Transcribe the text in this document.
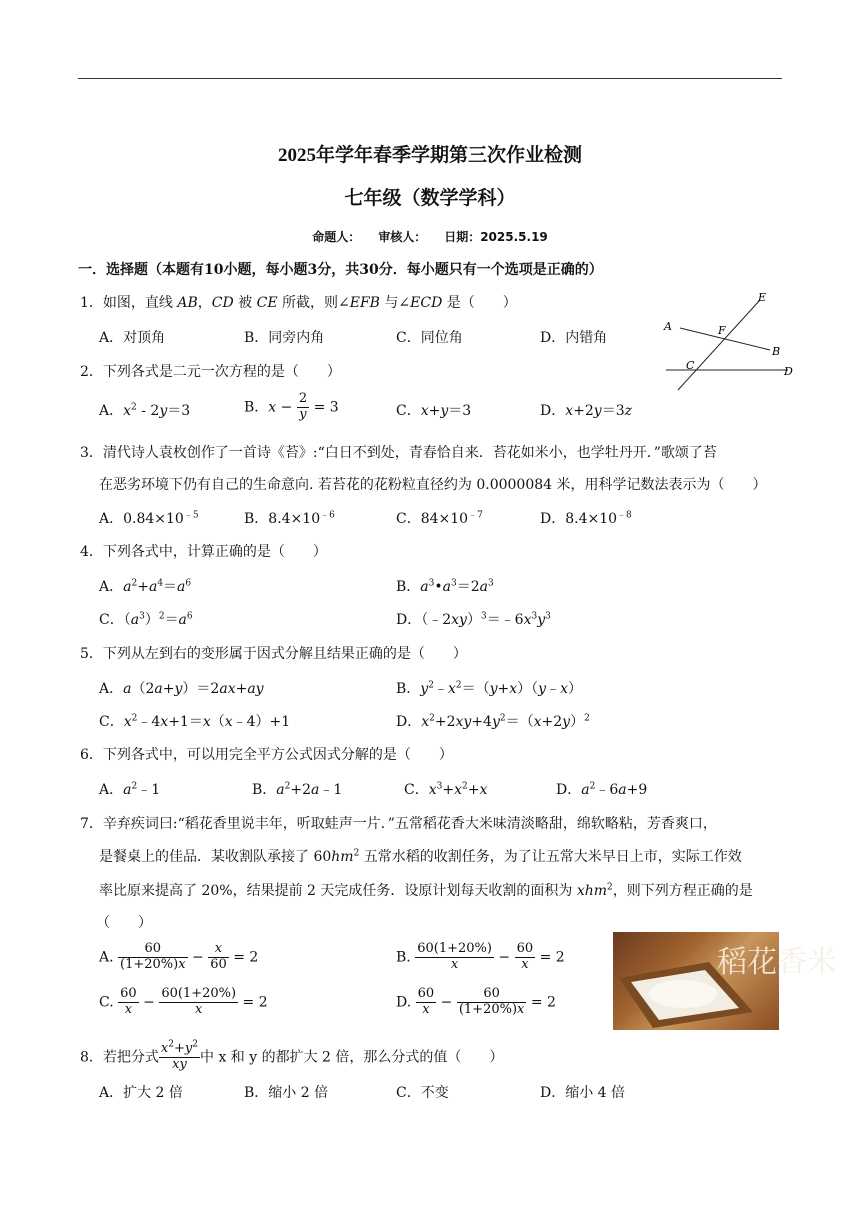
2025年学年春季学期第三次作业检测
七年级（数学学科）
命题人：　　审核人：　　日期：2025.5.19
一．选择题（本题有10小题，每小题3分，共30分．每小题只有一个选项是正确的）
1．如图，直线 AB，CD 被 CE 所截，则∠EFB 与∠ECD 是（　　）
A．对顶角	B．同旁内角	C．同位角	D．内错角
A
B
C	D
E
F
2．下列各式是二元一次方程的是（　　）
A．$x^2$ ‐ 2y＝3	B．$x - \frac{2}{y} = 3$	C．x+y＝3	D．x+2y＝3z
3．清代诗人袁枚创作了一首诗《苔》:“白日不到处，青春恰自来．苔花如米小，也学牡丹开．”歌颂了苔
在恶劣环境下仍有自己的生命意向. 若苔花的花粉粒直径约为 0.0000084 米，用科学记数法表示为（　　）
A．$0.84\times 10^{﹣5}$	B．$8.4\times 10^{﹣6}$	C．$84\times 10^{﹣7}$	D．$8.4\times 10^{﹣8}$
4．下列各式中，计算正确的是（　　）
A．$a^2+a^4=a^6$	B．$a^3•a^3=2a^3$
C．$(a^3)^2=a^6$	D．$(﹣2xy)^3=﹣6x^3y^3$
5．下列从左到右的变形属于因式分解且结果正确的是（　　）
A．a（2a+y）＝2ax+ay	B．$y^2﹣x^2=(y+x)(y﹣x)$
C．$x^2﹣4x+1=x(x﹣4)+1$	D．$x^2+2xy+4y^2=(x+2y)^2$
6．下列各式中，可以用完全平方公式因式分解的是（　　）
A．$a^2﹣1$	B．$a^2+2a﹣1$	C．$x^3+x^2+x$	D．$a^2﹣6a+9$
7．辛弃疾词曰:“稻花香里说丰年，听取蛙声一片．”五常稻花香大米味清淡略甜，绵软略粘，芳香爽口，
是餐桌上的佳品．某收割队承接了 $60hm^2$ 五常水稻的收割任务，为了让五常大米早日上市，实际工作效
率比原来提高了 20%，结果提前 2 天完成任务．设原计划每天收割的面积为 xhm$^2$，则下列方程正确的是
（　　）
A. $\frac{60}{(1+20\%)x} - \frac{x}{60} = 2$	B. $\frac{60(1+20\%)}{x} - \frac{60}{x} = 2$
C. $\frac{60}{x} - \frac{60(1+20\%)}{x} = 2$	D. $\frac{60}{x} - \frac{60}{(1+20\%)x} = 2$
稻花香米
8．若把分式 $\frac{x^2+y^2}{xy}$ 中 x 和 y 的都扩大 2 倍，那么分式的值（　　）
A．扩大 2 倍	B．缩小 2 倍	C．不变	D．缩小 4 倍
